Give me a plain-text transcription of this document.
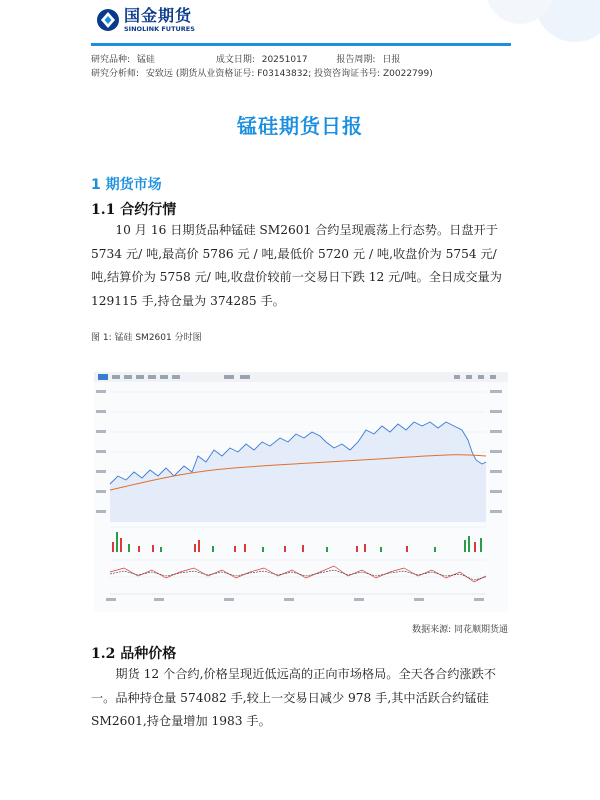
国金期货
SINOLINK FUTURES
研究品种: 锰硅	成文日期: 20251017	报告周期: 日报
研究分析师: 安致远 (期货从业资格证号: F03143832; 投资咨询证书号: Z0022799)
锰硅期货日报
1 期货市场
1.1 合约行情
10 月 16 日期货品种锰硅 SM2601 合约呈现震荡上行态势。日盘开于 5734 元/ 吨,最高价 5786 元 / 吨,最低价 5720 元 / 吨,收盘价为 5754 元/吨,结算价为 5758 元/ 吨,收盘价较前一交易日下跌 12 元/吨。全日成交量为 129115 手,持仓量为 374285 手。
图 1: 锰硅 SM2601 分时图
数据来源: 同花顺期货通
1.2 品种价格
期货 12 个合约,价格呈现近低远高的正向市场格局。全天各合约涨跌不一。品种持仓量 574082 手,较上一交易日减少 978 手,其中活跃合约锰硅 SM2601,持仓量增加 1983 手。
